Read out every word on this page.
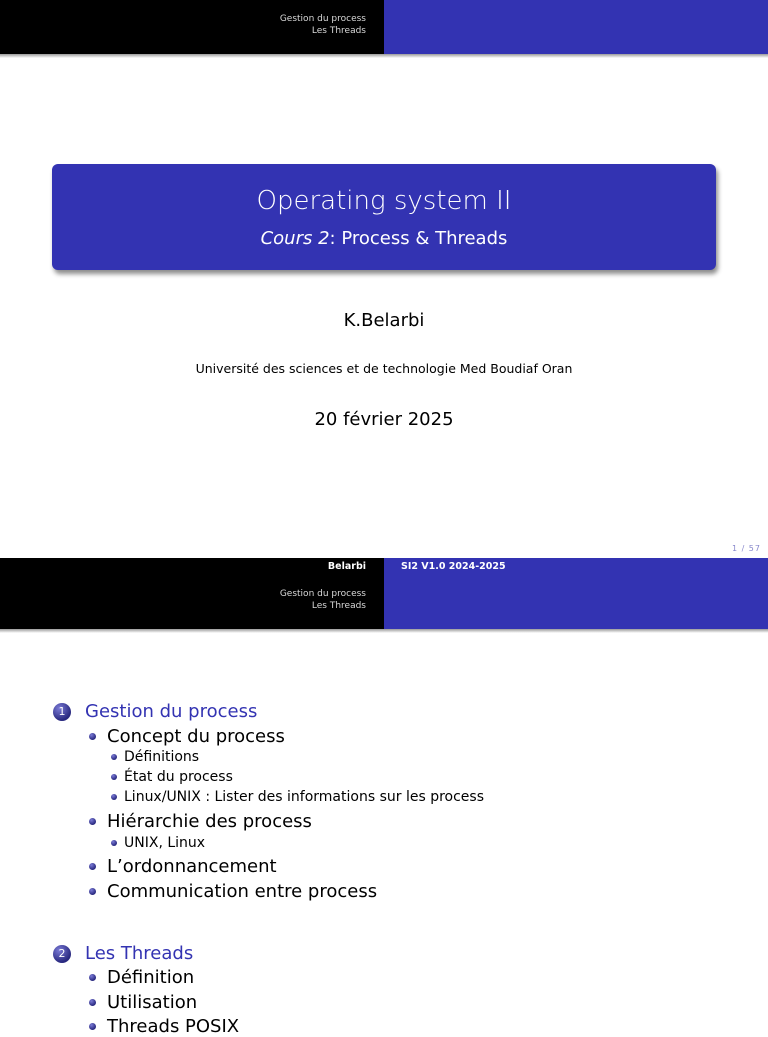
Gestion du process
Les Threads
Operating system II
Cours 2: Process & Threads
K.Belarbi
Université des sciences et de technologie Med Boudiaf Oran
20 février 2025
1 / 57
Belarbi	SI2 V1.0 2024-2025
Gestion du process
Les Threads
1	Gestion du process
Concept du process
Définitions
État du process
Linux/UNIX : Lister des informations sur les process
Hiérarchie des process
UNIX, Linux
L’ordonnancement
Communication entre process
2	Les Threads
Définition
Utilisation
Threads POSIX
